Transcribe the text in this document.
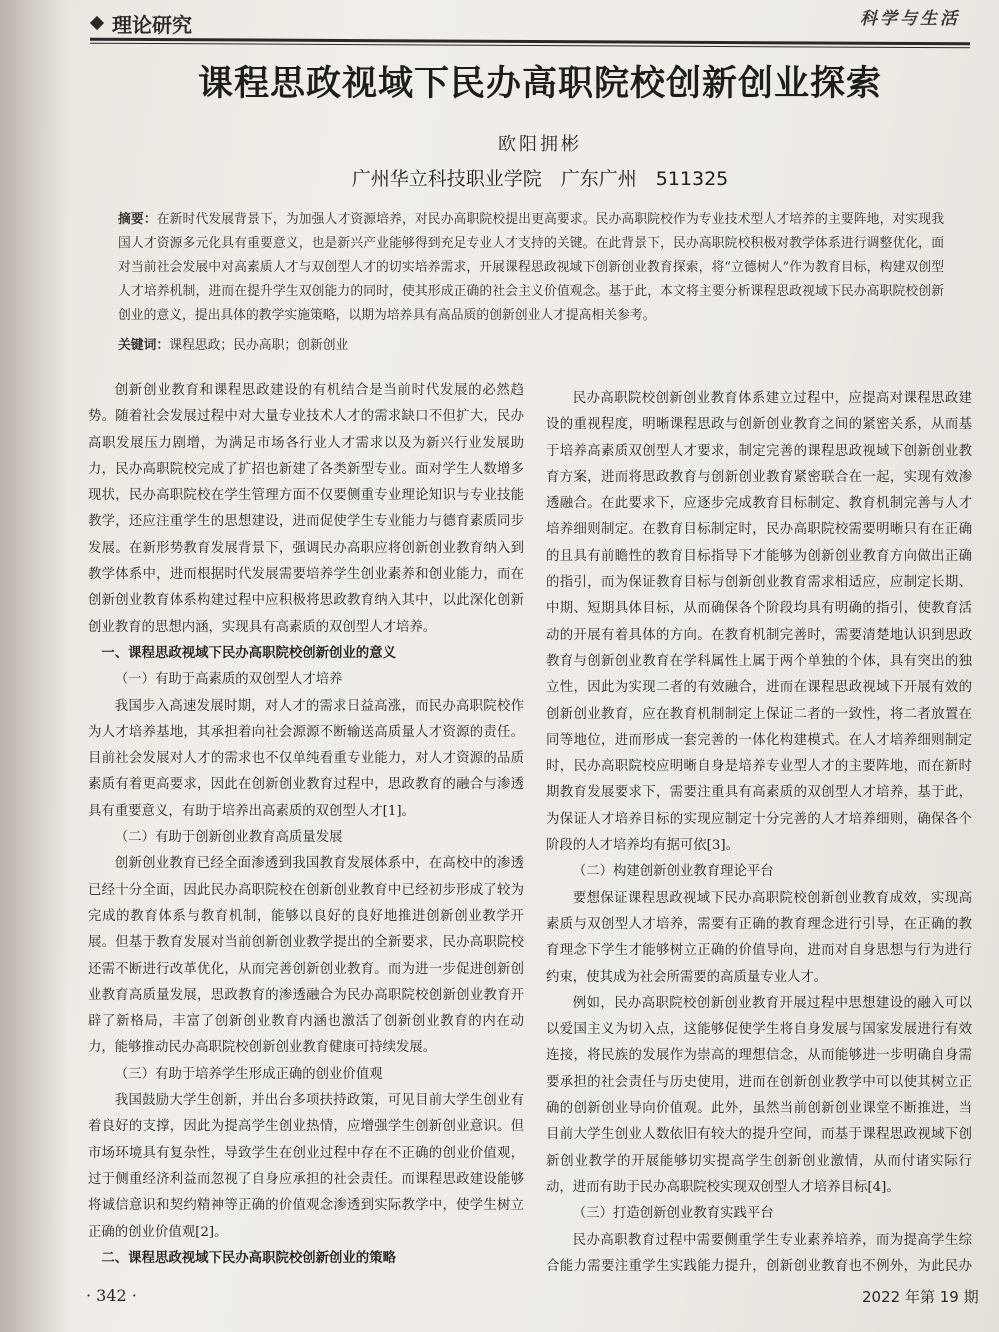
理论研究	科学与生活
课程思政视域下民办高职院校创新创业探索
欧阳拥彬
广州华立科技职业学院　广东广州　511325
摘要：在新时代发展背景下，为加强人才资源培养，对民办高职院校提出更高要求。民办高职院校作为专业技术型人才培养的主要阵地，对实现我国人才资源多元化具有重要意义，也是新兴产业能够得到充足专业人才支持的关键。在此背景下，民办高职院校积极对教学体系进行调整优化，面对当前社会发展中对高素质人才与双创型人才的切实培养需求，开展课程思政视域下创新创业教育探索，将“立德树人”作为教育目标，构建双创型人才培养机制，进而在提升学生双创能力的同时，使其形成正确的社会主义价值观念。基于此，本文将主要分析课程思政视域下民办高职院校创新创业的意义，提出具体的教学实施策略，以期为培养具有高品质的创新创业人才提高相关参考。
关键词：课程思政；民办高职；创新创业

创新创业教育和课程思政建设的有机结合是当前时代发展的必然趋势。随着社会发展过程中对大量专业技术人才的需求缺口不但扩大，民办高职发展压力剧增，为满足市场各行业人才需求以及为新兴行业发展助力，民办高职院校完成了扩招也新建了各类新型专业。面对学生人数增多现状，民办高职院校在学生管理方面不仅要侧重专业理论知识与专业技能教学，还应注重学生的思想建设，进而促使学生专业能力与德育素质同步发展。在新形势教育发展背景下，强调民办高职应将创新创业教育纳入到教学体系中，进而根据时代发展需要培养学生创业素养和创业能力，而在创新创业教育体系构建过程中应积极将思政教育纳入其中，以此深化创新创业教育的思想内涵，实现具有高素质的双创型人才培养。

一、课程思政视域下民办高职院校创新创业的意义

（一）有助于高素质的双创型人才培养

我国步入高速发展时期，对人才的需求日益高涨，而民办高职院校作为人才培养基地，其承担着向社会源源不断输送高质量人才资源的责任。目前社会发展对人才的需求也不仅单纯看重专业能力，对人才资源的品质素质有着更高要求，因此在创新创业教育过程中，思政教育的融合与渗透具有重要意义，有助于培养出高素质的双创型人才[1]。

（二）有助于创新创业教育高质量发展

创新创业教育已经全面渗透到我国教育发展体系中，在高校中的渗透已经十分全面，因此民办高职院校在创新创业教育中已经初步形成了较为完成的教育体系与教育机制，能够以良好的良好地推进创新创业教学开展。但基于教育发展对当前创新创业教学提出的全新要求，民办高职院校还需不断进行改革优化，从而完善创新创业教育。而为进一步促进创新创业教育高质量发展，思政教育的渗透融合为民办高职院校创新创业教育开辟了新格局，丰富了创新创业教育内涵也激活了创新创业教育的内在动力，能够推动民办高职院校创新创业教育健康可持续发展。

（三）有助于培养学生形成正确的创业价值观

我国鼓励大学生创新，并出台多项扶持政策，可见目前大学生创业有着良好的支撑，因此为提高学生创业热情，应增强学生创新创业意识。但市场环境具有复杂性，导致学生在创业过程中存在不正确的创业价值观，过于侧重经济利益而忽视了自身应承担的社会责任。而课程思政建设能够将诚信意识和契约精神等正确的价值观念渗透到实际教学中，使学生树立正确的创业价值观[2]。

二、课程思政视域下民办高职院校创新创业的策略

民办高职院校创新创业教育体系建立过程中，应提高对课程思政建设的重视程度，明晰课程思政与创新创业教育之间的紧密关系，从而基于培养高素质双创型人才要求，制定完善的课程思政视域下创新创业教育方案，进而将思政教育与创新创业教育紧密联合在一起，实现有效渗透融合。在此要求下，应逐步完成教育目标制定、教育机制完善与人才培养细则制定。在教育目标制定时，民办高职院校需要明晰只有在正确的且具有前瞻性的教育目标指导下才能够为创新创业教育方向做出正确的指引，而为保证教育目标与创新创业教育需求相适应，应制定长期、中期、短期具体目标，从而确保各个阶段均具有明确的指引，使教育活动的开展有着具体的方向。在教育机制完善时，需要清楚地认识到思政教育与创新创业教育在学科属性上属于两个单独的个体，具有突出的独立性，因此为实现二者的有效融合，进而在课程思政视域下开展有效的创新创业教育，应在教育机制制定上保证二者的一致性，将二者放置在同等地位，进而形成一套完善的一体化构建模式。在人才培养细则制定时，民办高职院校应明晰自身是培养专业型人才的主要阵地，而在新时期教育发展要求下，需要注重具有高素质的双创型人才培养，基于此，为保证人才培养目标的实现应制定十分完善的人才培养细则，确保各个阶段的人才培养均有据可依[3]。

（二）构建创新创业教育理论平台

要想保证课程思政视域下民办高职院校创新创业教育成效，实现高素质与双创型人才培养，需要有正确的教育理念进行引导，在正确的教育理念下学生才能够树立正确的价值导向，进而对自身思想与行为进行约束，使其成为社会所需要的高质量专业人才。

例如，民办高职院校创新创业教育开展过程中思想建设的融入可以以爱国主义为切入点，这能够促使学生将自身发展与国家发展进行有效连接，将民族的发展作为崇高的理想信念，从而能够进一步明确自身需要承担的社会责任与历史使用，进而在创新创业教学中可以使其树立正确的创新创业导向价值观。此外，虽然当前创新创业课堂不断推进，当目前大学生创业人数依旧有较大的提升空间，而基于课程思政视域下创新创业教学的开展能够切实提高学生创新创业激情，从而付诸实际行动，进而有助于民办高职院校实现双创型人才培养目标[4]。

（三）打造创新创业教育实践平台

民办高职教育过程中需要侧重学生专业素养培养，而为提高学生综合能力需要注重学生实践能力提升，创新创业教育也不例外，为此民办

· 342 ·	2022 年第 19 期
